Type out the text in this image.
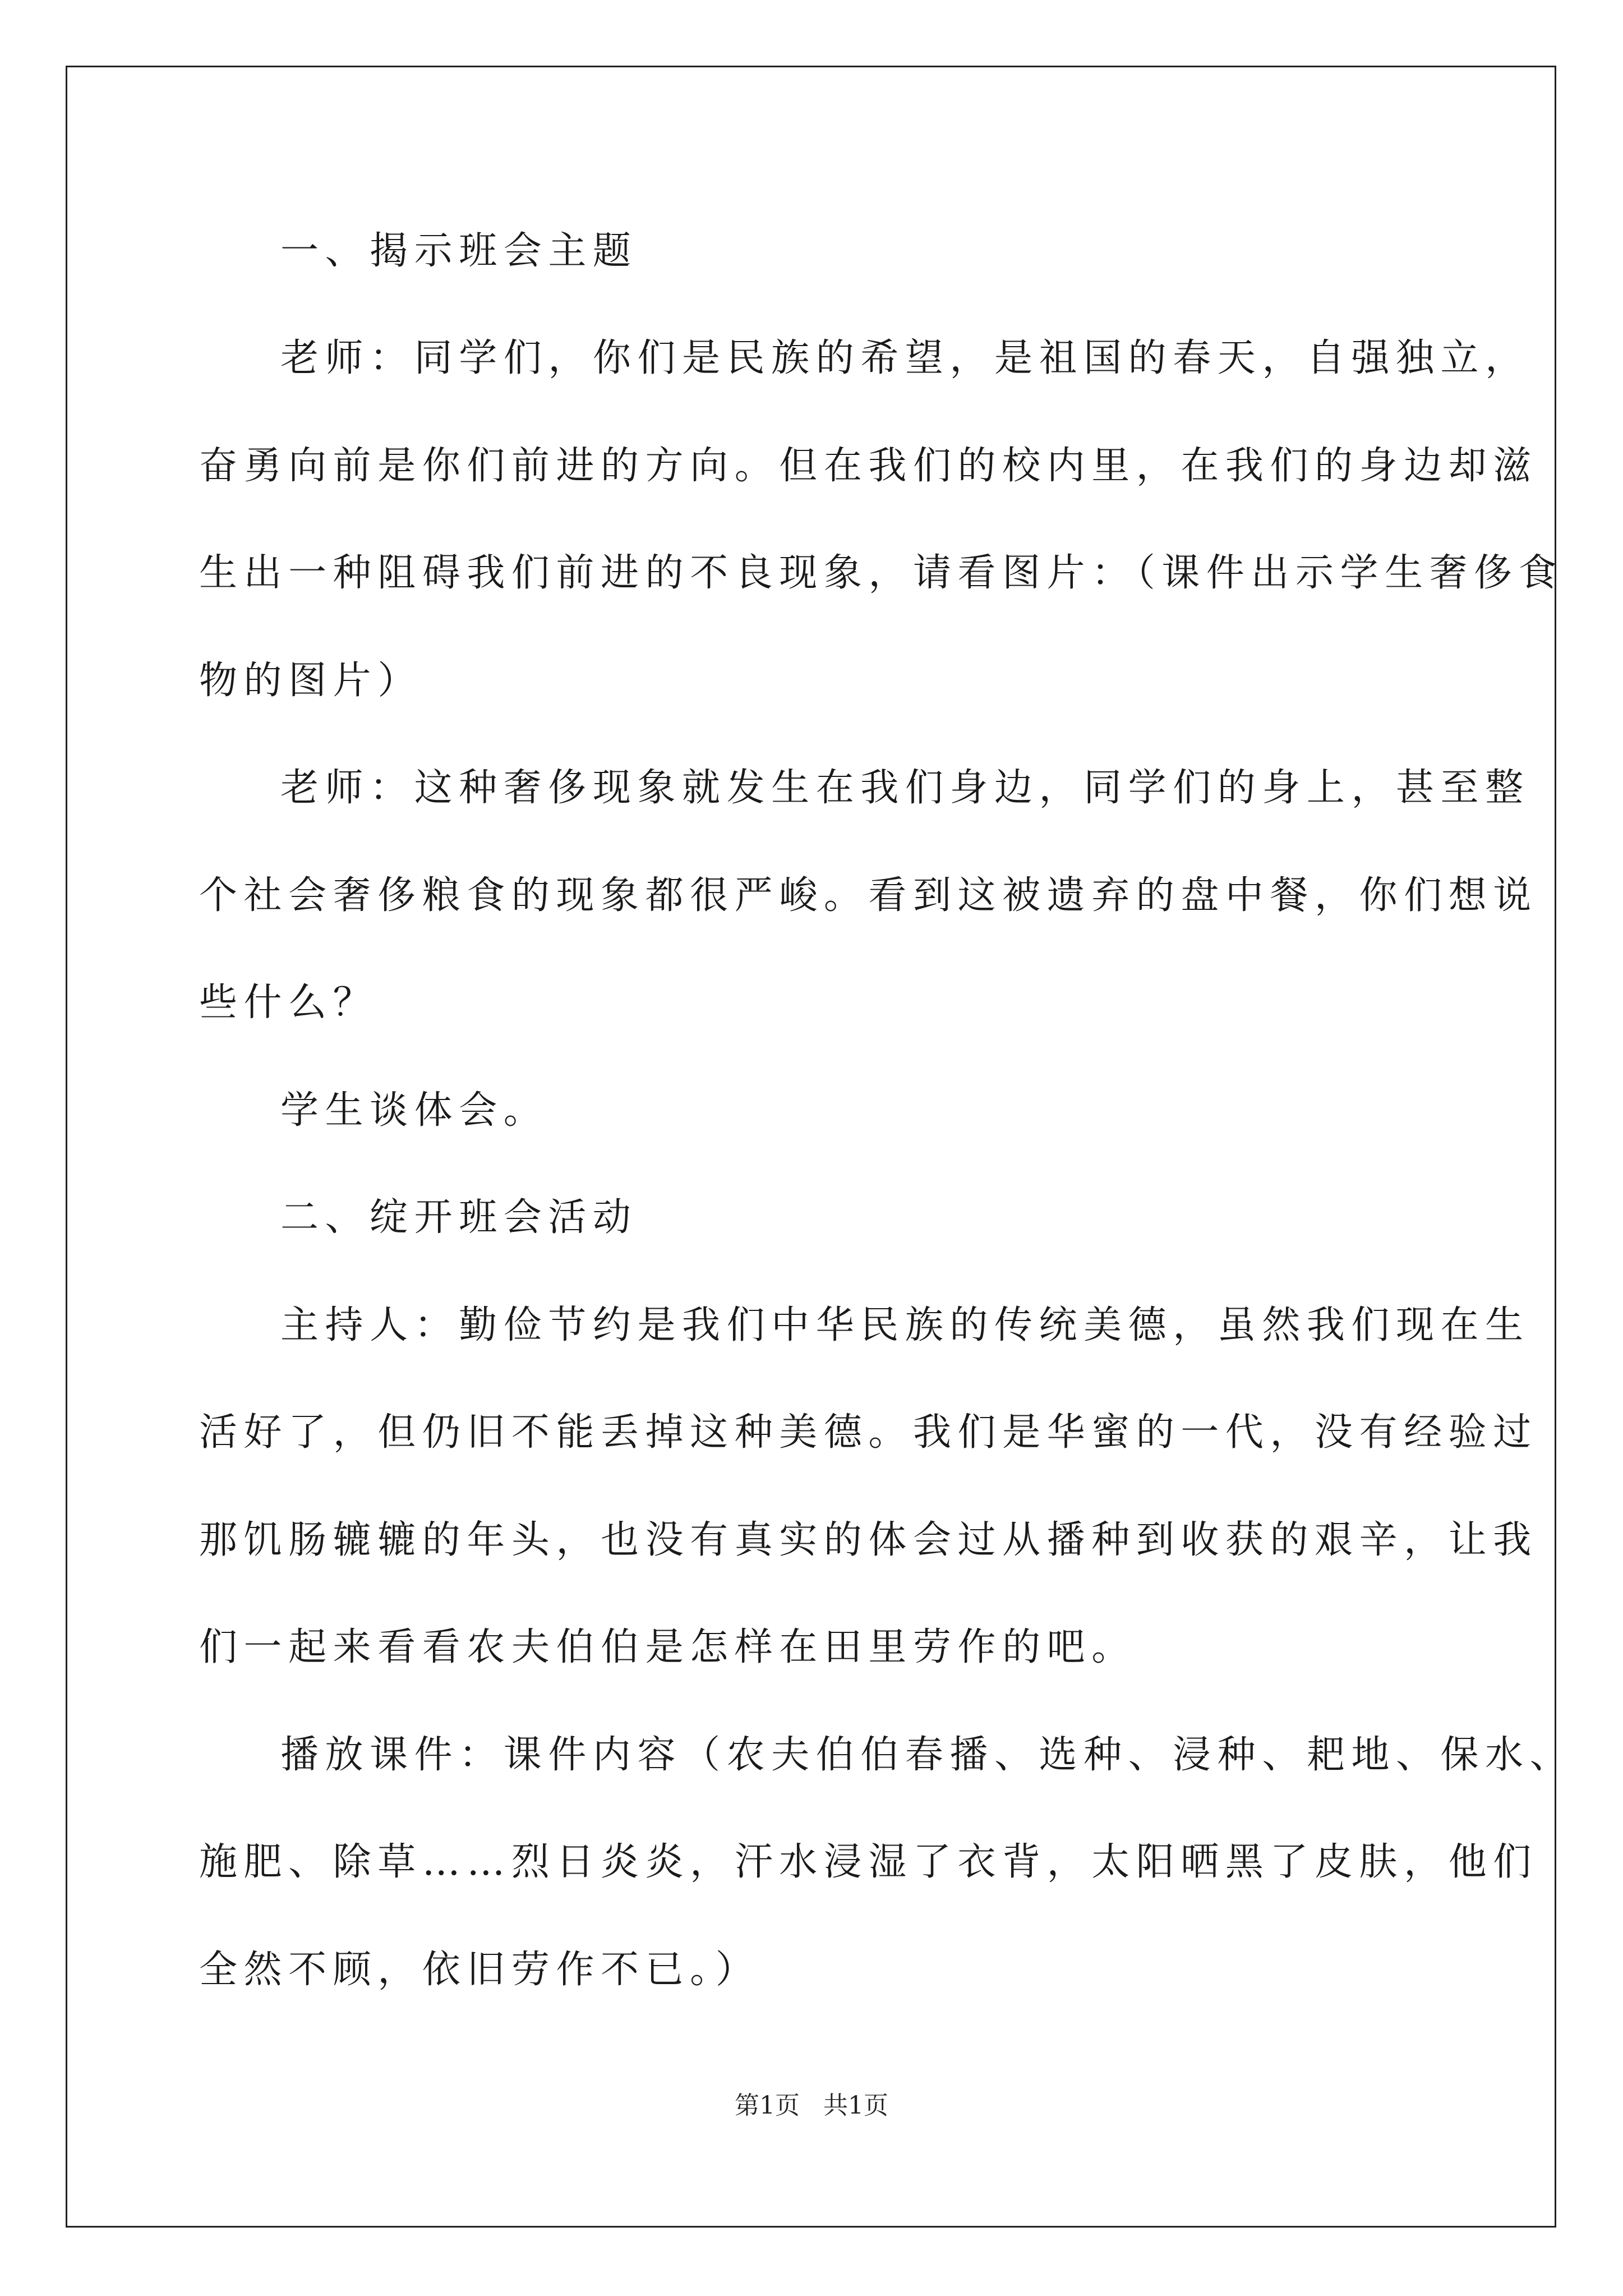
一、揭示班会主题
老师：同学们，你们是民族的希望，是祖国的春天，自强独立，
奋勇向前是你们前进的方向。但在我们的校内里，在我们的身边却滋
生出一种阻碍我们前进的不良现象，请看图片：（课件出示学生奢侈食
物的图片）
老师：这种奢侈现象就发生在我们身边，同学们的身上，甚至整
个社会奢侈粮食的现象都很严峻。看到这被遗弃的盘中餐，你们想说
些什么？
学生谈体会。
二、绽开班会活动
主持人：勤俭节约是我们中华民族的传统美德，虽然我们现在生
活好了，但仍旧不能丢掉这种美德。我们是华蜜的一代，没有经验过
那饥肠辘辘的年头，也没有真实的体会过从播种到收获的艰辛，让我
们一起来看看农夫伯伯是怎样在田里劳作的吧。
播放课件：课件内容（农夫伯伯春播、选种、浸种、耙地、保水、
施肥、除草……烈日炎炎，汗水浸湿了衣背，太阳晒黑了皮肤，他们
全然不顾，依旧劳作不已。）
第1页   共1页
